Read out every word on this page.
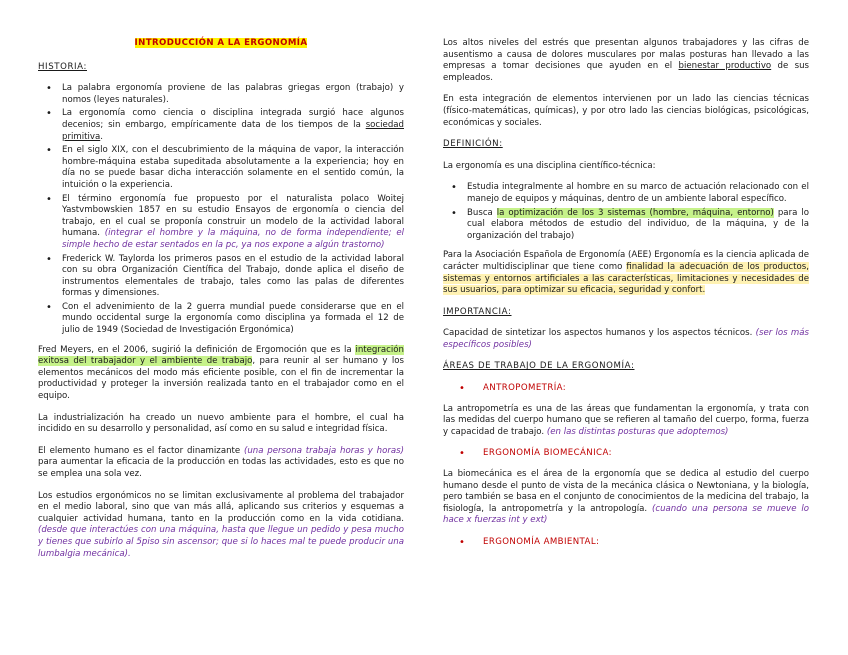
INTRODUCCIÓN A LA ERGONOMÍA
HISTORIA:
• La palabra ergonomía proviene de las palabras griegas ergon (trabajo) y nomos (leyes naturales).
• La ergonomía como ciencia o disciplina integrada surgió hace algunos decenios; sin embargo, empíricamente data de los tiempos de la sociedad primitiva.
• En el siglo XIX, con el descubrimiento de la máquina de vapor, la interacción hombre-máquina estaba supeditada absolutamente a la experiencia; hoy en día no se puede basar dicha interacción solamente en el sentido común, la intuición o la experiencia.
• El término ergonomía fue propuesto por el naturalista polaco Woitej Yastvmbowskien 1857 en su estudio Ensayos de ergonomía o ciencia del trabajo, en el cual se proponía construir un modelo de la actividad laboral humana. (integrar el hombre y la máquina, no de forma independiente; el simple hecho de estar sentados en la pc, ya nos expone a algún trastorno)
• Frederick W. Taylorda los primeros pasos en el estudio de la actividad laboral con su obra Organización Científica del Trabajo, donde aplica el diseño de instrumentos elementales de trabajo, tales como las palas de diferentes formas y dimensiones.
• Con el advenimiento de la 2 guerra mundial puede considerarse que en el mundo occidental surge la ergonomía como disciplina ya formada el 12 de julio de 1949 (Sociedad de Investigación Ergonómica)

Fred Meyers, en el 2006, sugirió la definición de Ergomoción que es la integración exitosa del trabajador y el ambiente de trabajo, para reunir al ser humano y los elementos mecánicos del modo más eficiente posible, con el fin de incrementar la productividad y proteger la inversión realizada tanto en el trabajador como en el equipo.

La industrialización ha creado un nuevo ambiente para el hombre, el cual ha incidido en su desarrollo y personalidad, así como en su salud e integridad física.

El elemento humano es el factor dinamizante (una persona trabaja horas y horas) para aumentar la eficacia de la producción en todas las actividades, esto es que no se emplea una sola vez.

Los estudios ergonómicos no se limitan exclusivamente al problema del trabajador en el medio laboral, sino que van más allá, aplicando sus criterios y esquemas a cualquier actividad humana, tanto en la producción como en la vida cotidiana. (desde que interactúes con una máquina, hasta que llegue un pedido y pesa mucho y tienes que subirlo al 5piso sin ascensor; que si lo haces mal te puede producir una lumbalgia mecánica).

Los altos niveles del estrés que presentan algunos trabajadores y las cifras de ausentismo a causa de dolores musculares por malas posturas han llevado a las empresas a tomar decisiones que ayuden en el bienestar productivo de sus empleados.

En esta integración de elementos intervienen por un lado las ciencias técnicas (físico-matemáticas, químicas), y por otro lado las ciencias biológicas, psicológicas, económicas y sociales.

DEFINICIÓN:

La ergonomía es una disciplina científico-técnica:

• Estudia integralmente al hombre en su marco de actuación relacionado con el manejo de equipos y máquinas, dentro de un ambiente laboral específico.
• Busca la optimización de los 3 sistemas (hombre, máquina, entorno) para lo cual elabora métodos de estudio del individuo, de la máquina, y de la organización del trabajo)

Para la Asociación Española de Ergonomía (AEE) Ergonomía es la ciencia aplicada de carácter multidisciplinar que tiene como finalidad la adecuación de los productos, sistemas y entornos artificiales a las características, limitaciones y necesidades de sus usuarios, para optimizar su eficacia, seguridad y confort.

IMPORTANCIA:

Capacidad de sintetizar los aspectos humanos y los aspectos técnicos. (ser los más específicos posibles)

ÁREAS DE TRABAJO DE LA ERGONOMÍA:
• ANTROPOMETRÍA:

La antropometría es una de las áreas que fundamentan la ergonomía, y trata con las medidas del cuerpo humano que se refieren al tamaño del cuerpo, forma, fuerza y capacidad de trabajo. (en las distintas posturas que adoptemos)

• ERGONOMÍA BIOMECÁNICA:

La biomecánica es el área de la ergonomía que se dedica al estudio del cuerpo humano desde el punto de vista de la mecánica clásica o Newtoniana, y la biología, pero también se basa en el conjunto de conocimientos de la medicina del trabajo, la fisiología, la antropometría y la antropología. (cuando una persona se mueve lo hace x fuerzas int y ext)

• ERGONOMÍA AMBIENTAL:
